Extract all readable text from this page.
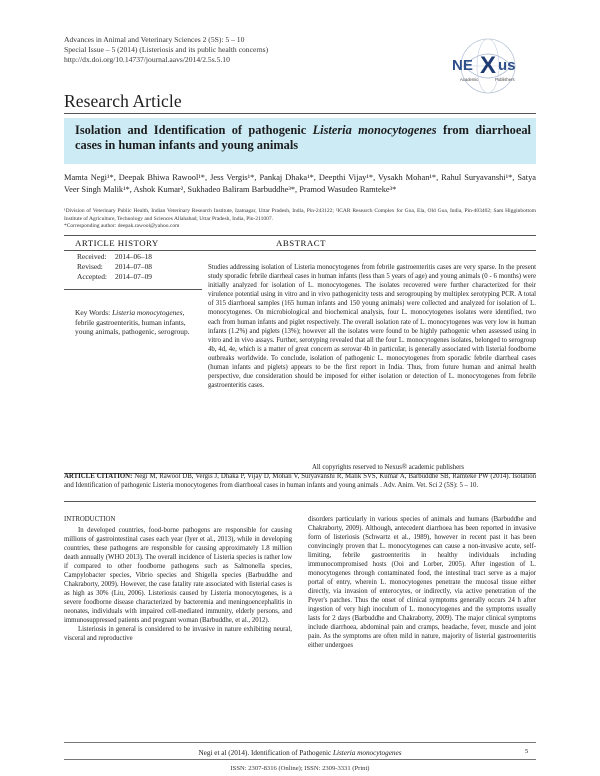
Advances in Animal and Veterinary Sciences 2 (5S): 5 – 10
Special Issue – 5 (2014) (Listeriosis and its public health concerns)
http://dx.doi.org/10.14737/journal.aavs/2014/2.5s.5.10	NE X us
Academic	Publishers
Research Article
Isolation and Identification of pathogenic Listeria monocytogenes from diarrhoeal cases in human infants and young animals
Mamta Negi¹*, Deepak Bhiwa Rawool¹*, Jess Vergis¹*, Pankaj Dhaka¹*, Deepthi Vijay¹*, Vysakh Mohan¹*, Rahul Suryavanshi¹*, Satya Veer Singh Malik¹*, Ashok Kumar², Sukhadeo Baliram Barbuddhe³*, Pramod Wasudeo Ramteke³*
¹Division of Veterinary Public Health, Indian Veterinary Research Institute, Izatnagar, Uttar Pradesh, India, Pin-243122; ²ICAR Research Complex for Goa, Ela, Old Goa, India, Pin-403402; Sam Higginbottom Institute of Agriculture, Technology and Sciences Allahabad, Uttar Pradesh, India, Pin-211007.
*Corresponding author: deepak.rawool@yahoo.com
ARTICLE HISTORY
Received:	2014–06–18
Revised:	2014–07–08
Accepted:	2014–07–09
Key Words: Listeria monocytogenes, febrile gastroenteritis, human infants, young animals, pathogenic, serogroup.
ABSTRACT
Studies addressing isolation of Listeria monocytogenes from febrile gastroenteritis cases are very sparse. In the present study sporadic febrile diarrheal cases in human infants (less than 5 years of age) and young animals (0 - 6 months) were initially analyzed for isolation of L. monocytogenes. The isolates recovered were further characterized for their virulence potential using in vitro and in vivo pathogenicity tests and serogrouping by multiplex serotyping PCR. A total of 315 diarrhoeal samples (165 human infants and 150 young animals) were collected and analyzed for isolation of L. monocytogenes. On microbiological and biochemical analysis, four L. monocytogenes isolates were identified, two each from human infants and piglet respectively. The overall isolation rate of L. monocytogenes was very low in human infants (1.2%) and piglets (13%); however all the isolates were found to be highly pathogenic when assessed using in vitro and in vivo assays. Further, serotyping revealed that all the four L. monocytogenes isolates, belonged to serogroup 4b, 4d, 4e, which is a matter of great concern as serovar 4b in particular, is generally associated with listerial foodborne outbreaks worldwide. To conclude, isolation of pathogenic L. monocytogenes from sporadic febrile diarrheal cases (human infants and piglets) appears to be the first report in India. Thus, from future human and animal health perspective, due consideration should be imposed for either isolation or detection of L. monocytogenes from febrile gastroenteritis cases.
All copyrights reserved to Nexus® academic publishers
ARTICLE CITATION: Negi M, Rawool DB, Vergis J, Dhaka P, Vijay D, Mohan V, Suryavanshi R, Malik SVS, Kumar A, Barbuddhe SB, Ramteke PW (2014). Isolation and Identification of pathogenic Listeria monocytogenes from diarrhoeal cases in human infants and young animals . Adv. Anim. Vet. Sci 2 (5S): 5 – 10.
INTRODUCTION

In developed countries, food-borne pathogens are responsible for causing millions of gastrointestinal cases each year (Iyer et al., 2013), while in developing countries, these pathogens are responsible for causing approximately 1.8 million death annually (WHO 2013). The overall incidence of Listeria species is rather low if compared to other foodborne pathogens such as Salmonella species, Campylobacter species, Vibrio species and Shigella species (Barbuddhe and Chakraborty, 2009). However, the case fatality rate associated with listerial cases is as high as 30% (Liu, 2006). Listeriosis caused by Listeria monocytogenes, is a severe foodborne disease characterized by bacteremia and meningoencephalitis in neonates, individuals with impaired cell-mediated immunity, elderly persons, and immunosuppressed patients and pregnant woman (Barbuddhe, et al., 2012).

Listeriosis in general is considered to be invasive in nature exhibiting neural, visceral and reproductive

disorders particularly in various species of animals and humans (Barbuddhe and Chakraborty, 2009). Although, antecedent diarrhoea has been reported in invasive form of listeriosis (Schwartz et al., 1989), however in recent past it has been convincingly proven that L. monocytogenes can cause a non-invasive acute, self-limiting, febrile gastroenteritis in healthy individuals including immunocompromised hosts (Ooi and Lorber, 2005). After ingestion of L. monocytogenes through contaminated food, the intestinal tract serve as a major portal of entry, wherein L. monocytogenes penetrate the mucosal tissue either directly, via invasion of enterocytes, or indirectly, via active penetration of the Peyer's patches. Thus the onset of clinical symptoms generally occurs 24 h after ingestion of very high inoculum of L. monocytogenes and the symptoms usually lasts for 2 days (Barbuddhe and Chakraborty, 2009). The major clinical symptoms include diarrhoea, abdominal pain and cramps, headache, fever, muscle and joint pain. As the symptoms are often mild in nature, majority of listerial gastroenteritis either undergoes

Negi et al (2014). Identification of Pathogenic Listeria monocytogenes	5
ISSN: 2307-8316 (Online); ISSN: 2309-3331 (Print)
